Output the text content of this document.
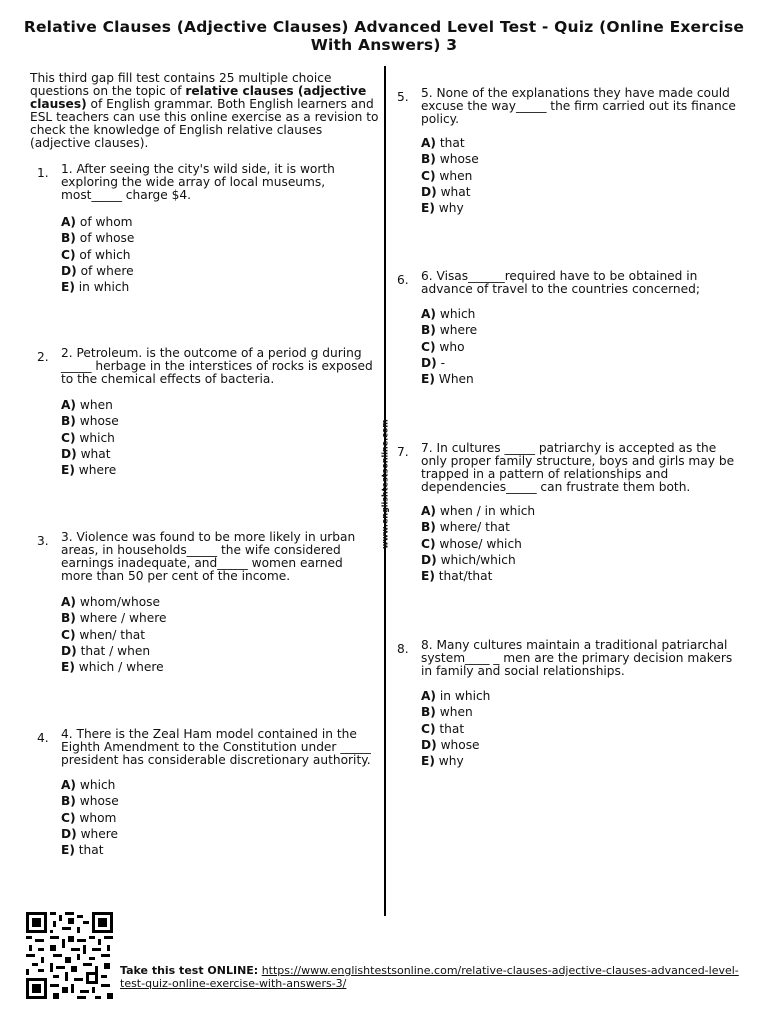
Relative Clauses (Adjective Clauses) Advanced Level Test - Quiz (Online Exercise With Answers) 3
This third gap fill test contains 25 multiple choice questions on the topic of relative clauses (adjective clauses) of English grammar. Both English learners and ESL teachers can use this online exercise as a revision to check the knowledge of English relative clauses (adjective clauses).
www.englishtestsonline.com
1. 1. After seeing the city's wild side, it is worth exploring the wide array of local museums, most_____ charge $4.
A) of whom
B) of whose
C) of which
D) of where
E) in which
2. 2. Petroleum. is the outcome of a period g during _____ herbage in the interstices of rocks is exposed to the chemical effects of bacteria.
A) when
B) whose
C) which
D) what
E) where
3. 3. Violence was found to be more likely in urban areas, in households_____ the wife considered earnings inadequate, and_____ women earned more than 50 per cent of the income.
A) whom/whose
B) where / where
C) when/ that
D) that / when
E) which / where
4. 4. There is the Zeal Ham model contained in the Eighth Amendment to the Constitution under _____ president has considerable discretionary authority.
A) which
B) whose
C) whom
D) where
E) that
5. 5. None of the explanations they have made could excuse the way_____ the firm carried out its finance policy.
A) that
B) whose
C) when
D) what
E) why
6. 6. Visas______required have to be obtained in advance of travel to the countries concerned;
A) which
B) where
C) who
D) -
E) When
7. 7. In cultures _____ patriarchy is accepted as the only proper family structure, boys and girls may be trapped in a pattern of relationships and dependencies_____ can frustrate them both.
A) when / in which
B) where/ that
C) whose/ which
D) which/which
E) that/that
8. 8. Many cultures maintain a traditional patriarchal system____ _ men are the primary decision makers in family and social relationships.
A) in which
B) when
C) that
D) whose
E) why
Take this test ONLINE: https://www.englishtestsonline.com/relative-clauses-adjective-clauses-advanced-level-test-quiz-online-exercise-with-answers-3/
